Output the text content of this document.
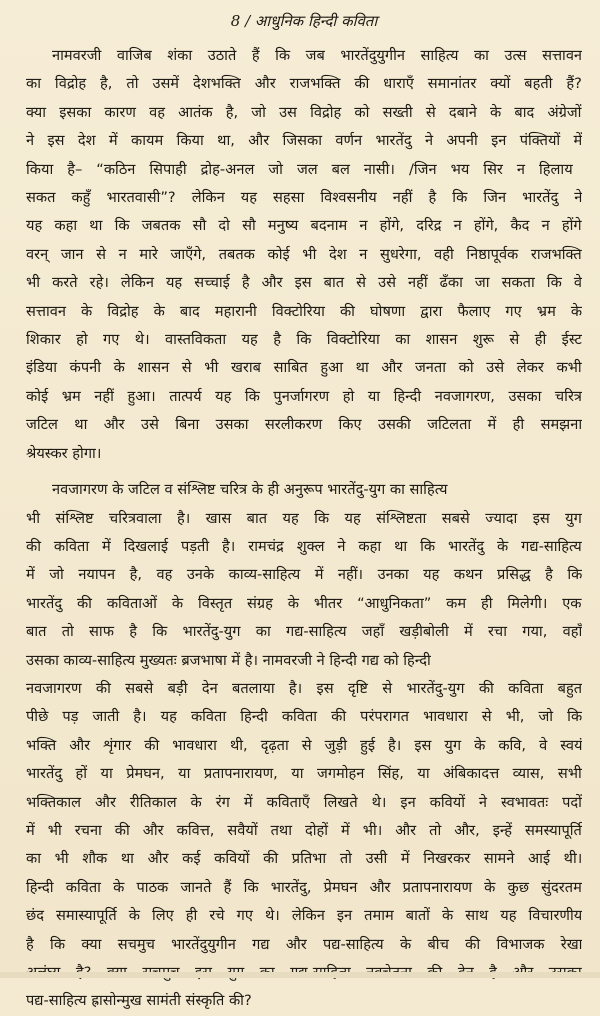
8 / आधुनिक हिन्दी कविता
नामवरजी वाजिब शंका उठाते हैं कि जब भारतेंदुयुगीन साहित्य का उत्स सत्तावन
का विद्रोह है, तो उसमें देशभक्ति और राजभक्ति की धाराएँ समानांतर क्यों बहती हैं?
क्या इसका कारण वह आतंक है, जो उस विद्रोह को सख्ती से दबाने के बाद अंग्रेजों
ने इस देश में कायम किया था, और जिसका वर्णन भारतेंदु ने अपनी इन पंक्तियों में
किया है– “कठिन सिपाही द्रोह-अनल जो जल बल नासी। /जिन भय सिर न हिलाय
सकत कहुँ भारतवासी”? लेकिन यह सहसा विश्वसनीय नहीं है कि जिन भारतेंदु ने
यह कहा था कि जबतक सौ दो सौ मनुष्य बदनाम न होंगे, दरिद्र न होंगे, कैद न होंगे
वरन् जान से न मारे जाएँगे, तबतक कोई भी देश न सुधरेगा, वही निष्ठापूर्वक राजभक्ति
भी करते रहे। लेकिन यह सच्चाई है और इस बात से उसे नहीं ढँका जा सकता कि वे
सत्तावन के विद्रोह के बाद महारानी विक्टोरिया की घोषणा द्वारा फैलाए गए भ्रम के
शिकार हो गए थे। वास्तविकता यह है कि विक्टोरिया का शासन शुरू से ही ईस्ट
इंडिया कंपनी के शासन से भी खराब साबित हुआ था और जनता को उसे लेकर कभी
कोई भ्रम नहीं हुआ। तात्पर्य यह कि पुनर्जागरण हो या हिन्दी नवजागरण, उसका चरित्र
जटिल था और उसे बिना उसका सरलीकरण किए उसकी जटिलता में ही समझना
श्रेयस्कर होगा।
नवजागरण के जटिल व संश्लिष्ट चरित्र के ही अनुरूप भारतेंदु-युग का साहित्य
भी संश्लिष्ट चरित्रवाला है। खास बात यह कि यह संश्लिष्टता सबसे ज्यादा इस युग
की कविता में दिखलाई पड़ती है। रामचंद्र शुक्ल ने कहा था कि भारतेंदु के गद्य-साहित्य
में जो नयापन है, वह उनके काव्य-साहित्य में नहीं। उनका यह कथन प्रसिद्ध है कि
भारतेंदु की कविताओं के विस्तृत संग्रह के भीतर “आधुनिकता” कम ही मिलेगी। एक
बात तो साफ है कि भारतेंदु-युग का गद्य-साहित्य जहाँ खड़ीबोली में रचा गया, वहाँ
उसका काव्य-साहित्य मुख्यतः ब्रजभाषा में है। नामवरजी ने हिन्दी गद्य को हिन्दी
नवजागरण की सबसे बड़ी देन बतलाया है। इस दृष्टि से भारतेंदु-युग की कविता बहुत
पीछे पड़ जाती है। यह कविता हिन्दी कविता की परंपरागत भावधारा से भी, जो कि
भक्ति और शृंगार की भावधारा थी, दृढ़ता से जुड़ी हुई है। इस युग के कवि, वे स्वयं
भारतेंदु हों या प्रेमघन, या प्रतापनारायण, या जगमोहन सिंह, या अंबिकादत्त व्यास, सभी
भक्तिकाल और रीतिकाल के रंग में कविताएँ लिखते थे। इन कवियों ने स्वभावतः पदों
में भी रचना की और कवित्त, सवैयों तथा दोहों में भी। और तो और, इन्हें समस्यापूर्ति
का भी शौक था और कई कवियों की प्रतिभा तो उसी में निखरकर सामने आई थी।
हिन्दी कविता के पाठक जानते हैं कि भारतेंदु, प्रेमघन और प्रतापनारायण के कुछ सुंदरतम
छंद समास्यापूर्ति के लिए ही रचे गए थे। लेकिन इन तमाम बातों के साथ यह विचारणीय
है कि क्या सचमुच भारतेंदुयुगीन गद्य और पद्य-साहित्य के बीच की विभाजक रेखा
पद्य-साहित्य ह्रासोन्मुख सामंती संस्कृति की?
